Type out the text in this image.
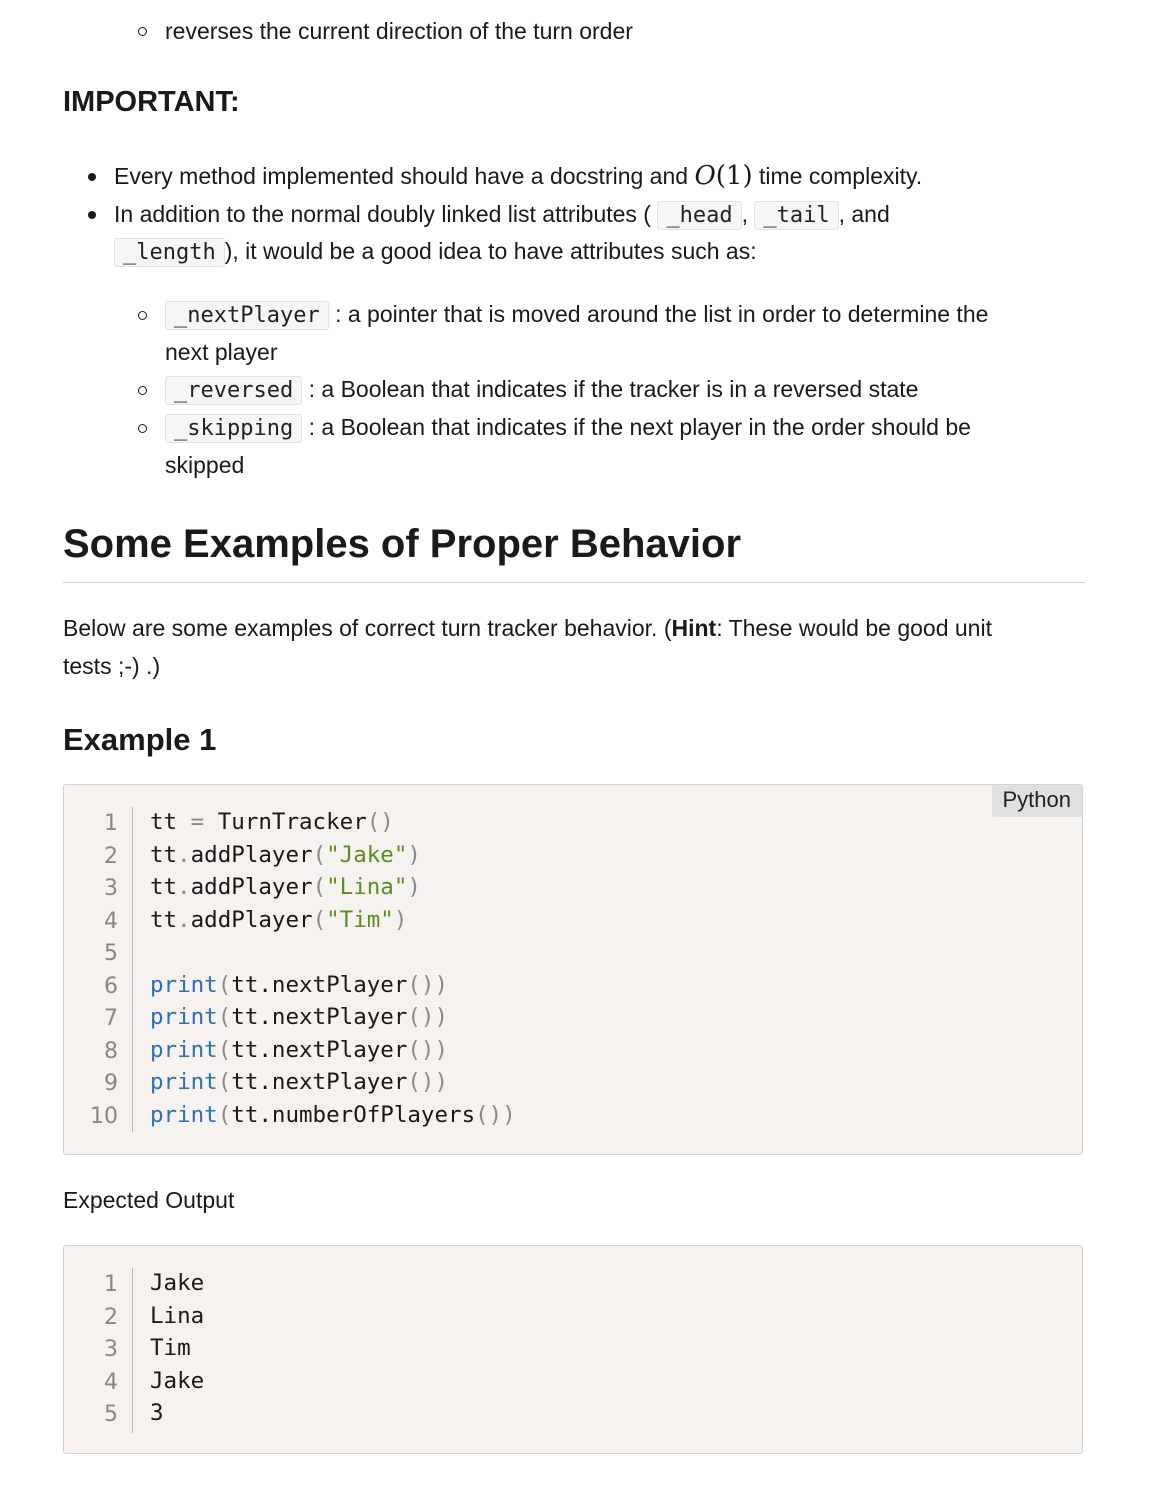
reverses the current direction of the turn order
IMPORTANT:
Every method implemented should have a docstring and O(1) time complexity.
In addition to the normal doubly linked list attributes ( _head , _tail , and
_length ), it would be a good idea to have attributes such as:
_nextPlayer : a pointer that is moved around the list in order to determine the
next player
_reversed : a Boolean that indicates if the tracker is in a reversed state
_skipping : a Boolean that indicates if the next player in the order should be
skipped
Some Examples of Proper Behavior
Below are some examples of correct turn tracker behavior. (Hint: These would be good unit
tests ;-) .)
Example 1
Python
1
2
3
4
5
6
7
8
9
10
tt = TurnTracker()
tt.addPlayer("Jake")
tt.addPlayer("Lina")
tt.addPlayer("Tim")
print(tt.nextPlayer())
print(tt.nextPlayer())
print(tt.nextPlayer())
print(tt.nextPlayer())
print(tt.numberOfPlayers())
Expected Output
1
2
3
4
5
Jake
Lina
Tim
Jake
3
